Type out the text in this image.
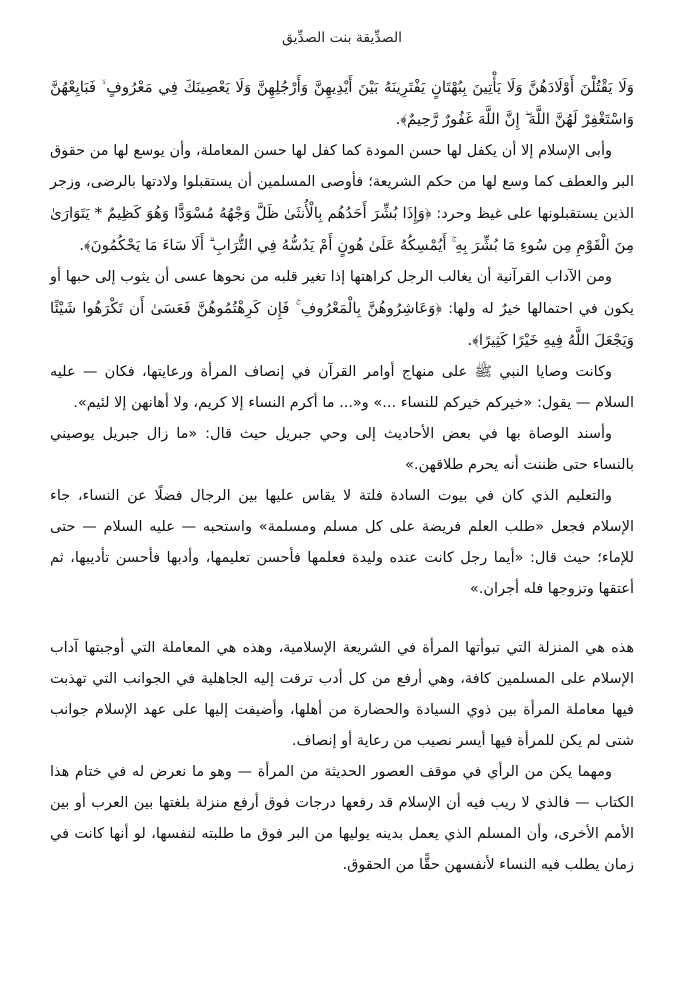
الصدِّيقة بنت الصدِّيق

وَلَا يَقْتُلْنَ أَوْلَادَهُنَّ وَلَا يَأْتِينَ بِبُهْتَانٍ يَفْتَرِينَهُ بَيْنَ أَيْدِيهِنَّ وَأَرْجُلِهِنَّ وَلَا يَعْصِينَكَ فِي مَعْرُوفٍ ۙ فَبَايِعْهُنَّ وَاسْتَغْفِرْ لَهُنَّ اللَّهَ ۖ إِنَّ اللَّهَ غَفُورٌ رَّحِيمٌ﴾.

وأبى الإسلام إلا أن يكفل لها حسن المودة كما كفل لها حسن المعاملة، وأن يوسع لها من حقوق البر والعطف كما وسع لها من حكم الشريعة؛ فأوصى المسلمين أن يستقبلوا ولادتها بالرضى، وزجر الذين يستقبلونها على غيظ وحرد: ﴿وَإِذَا بُشِّرَ أَحَدُهُم بِالْأُنثَىٰ ظَلَّ وَجْهُهُ مُسْوَدًّا وَهُوَ كَظِيمٌ * يَتَوَارَىٰ مِنَ الْقَوْمِ مِن سُوءِ مَا بُشِّرَ بِهِ ۚ أَيُمْسِكُهُ عَلَىٰ هُونٍ أَمْ يَدُسُّهُ فِي التُّرَابِ ۗ أَلَا سَاءَ مَا يَحْكُمُونَ﴾.

ومن الآداب القرآنية أن يغالب الرجل كراهتها إذا تغير قلبه من نحوها عسى أن يثوب إلى حبها أو يكون في احتمالها خيرٌ له ولها: ﴿وَعَاشِرُوهُنَّ بِالْمَعْرُوفِ ۚ فَإِن كَرِهْتُمُوهُنَّ فَعَسَىٰ أَن تَكْرَهُوا شَيْئًا وَيَجْعَلَ اللَّهُ فِيهِ خَيْرًا كَثِيرًا﴾.

وكانت وصايا النبي ﷺ على منهاج أوامر القرآن في إنصاف المرأة ورعايتها، فكان — عليه السلام — يقول: «خيركم خيركم للنساء ...» و«... ما أكرم النساء إلا كريم، ولا أهانهن إلا لئيم».

وأسند الوصاة بها في بعض الأحاديث إلى وحي جبريل حيث قال: «ما زال جبريل يوصيني بالنساء حتى ظننت أنه يحرم طلاقهن.»

والتعليم الذي كان في بيوت السادة فلتة لا يقاس عليها بين الرجال فضلًا عن النساء، جاء الإسلام فجعل «طلب العلم فريضة على كل مسلم ومسلمة» واستحبه — عليه السلام — حتى للإماء؛ حيث قال: «أيما رجل كانت عنده وليدة فعلمها فأحسن تعليمها، وأدبها فأحسن تأديبها، ثم أعتقها وتزوجها فله أجران.»

هذه هي المنزلة التي تبوأتها المرأة في الشريعة الإسلامية، وهذه هي المعاملة التي أوجبتها آداب الإسلام على المسلمين كافة، وهي أرفع من كل أدب ترقت إليه الجاهلية في الجوانب التي تهذبت فيها معاملة المرأة بين ذوي السيادة والحضارة من أهلها، وأضيفت إليها على عهد الإسلام جوانب شتى لم يكن للمرأة فيها أيسر نصيب من رعاية أو إنصاف.

ومهما يكن من الرأي في موقف العصور الحديثة من المرأة — وهو ما نعرض له في ختام هذا الكتاب — فالذي لا ريب فيه أن الإسلام قد رفعها درجات فوق أرفع منزلة بلغتها بين العرب أو بين الأمم الأخرى، وأن المسلم الذي يعمل بدينه يوليها من البر فوق ما طلبته لنفسها، لو أنها كانت في زمان يطلب فيه النساء لأنفسهن حقًّا من الحقوق.
